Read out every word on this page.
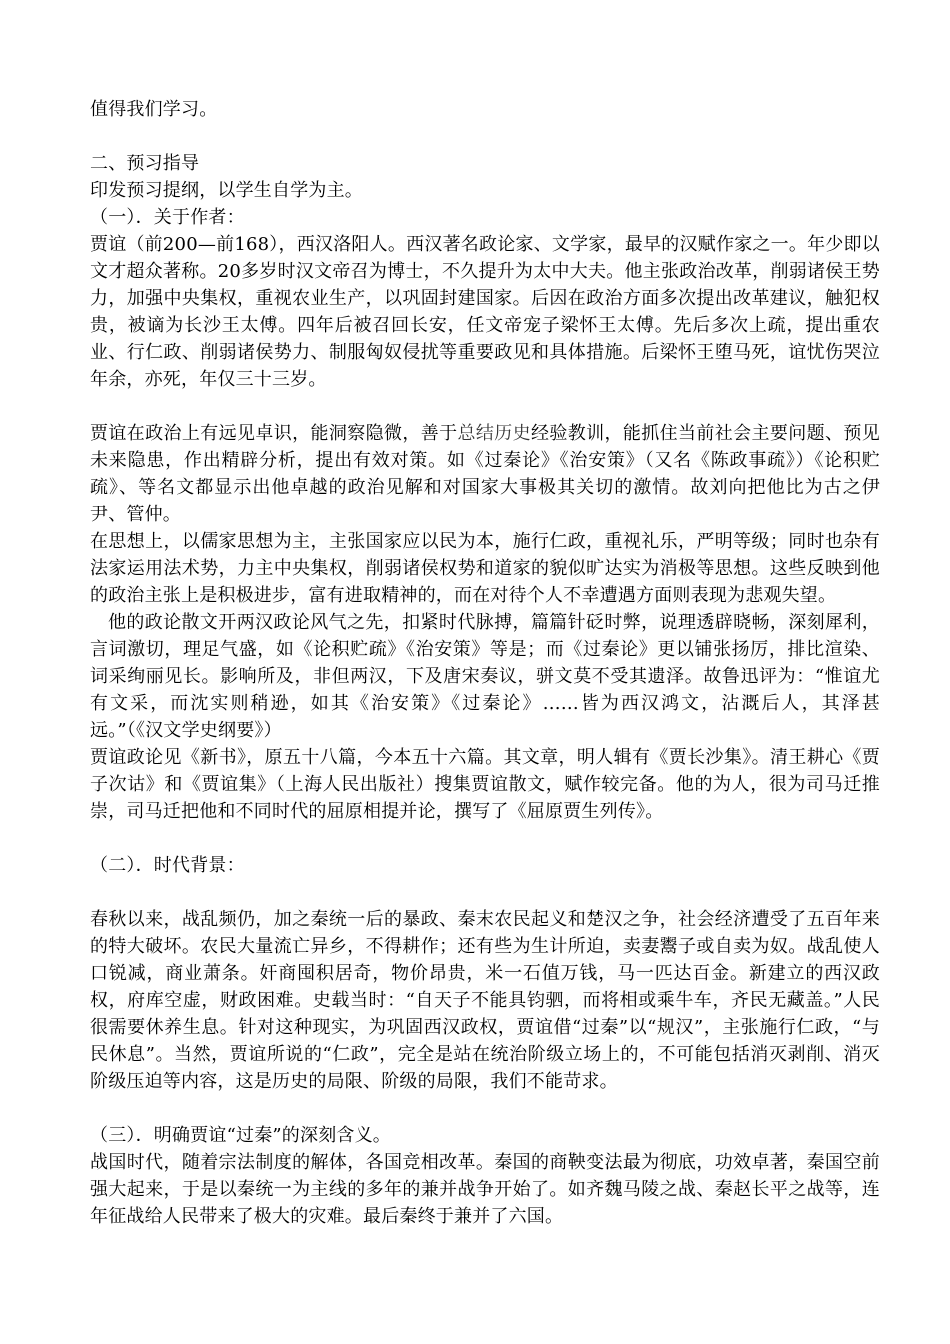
值得我们学习。

二、预习指导

印发预习提纲，以学生自学为主。

（一）．关于作者：

贾谊（前200—前168），西汉洛阳人。西汉著名政论家、文学家，最早的汉赋作家之一。年少即以文才超众著称。20多岁时汉文帝召为博士，不久提升为太中大夫。他主张政治改革，削弱诸侯王势力，加强中央集权，重视农业生产，以巩固封建国家。后因在政治方面多次提出改革建议，触犯权贵，被谪为长沙王太傅。四年后被召回长安，任文帝宠子梁怀王太傅。先后多次上疏，提出重农业、行仁政、削弱诸侯势力、制服匈奴侵扰等重要政见和具体措施。后梁怀王堕马死，谊忧伤哭泣年余，亦死，年仅三十三岁。

贾谊在政治上有远见卓识，能洞察隐微，善于总结历史经验教训，能抓住当前社会主要问题、预见未来隐患，作出精辟分析，提出有效对策。如《过秦论》《治安策》（又名《陈政事疏》）《论积贮疏》、等名文都显示出他卓越的政治见解和对国家大事极其关切的激情。故刘向把他比为古之伊尹、管仲。

在思想上，以儒家思想为主，主张国家应以民为本，施行仁政，重视礼乐，严明等级；同时也杂有法家运用法术势，力主中央集权，削弱诸侯权势和道家的貌似旷达实为消极等思想。这些反映到他的政治主张上是积极进步，富有进取精神的，而在对待个人不幸遭遇方面则表现为悲观失望。

他的政论散文开两汉政论风气之先，扣紧时代脉搏，篇篇针砭时弊，说理透辟晓畅，深刻犀利，言词激切，理足气盛，如《论积贮疏》《治安策》等是；而《过秦论》更以铺张扬厉，排比渲染、词采绚丽见长。影响所及，非但两汉，下及唐宋奏议，骈文莫不受其遗泽。故鲁迅评为：“惟谊尤有文采，而沈实则稍逊，如其《治安策》《过秦论》……皆为西汉鸿文，沾溉后人，其泽甚远。”（《汉文学史纲要》）

贾谊政论见《新书》，原五十八篇，今本五十六篇。其文章，明人辑有《贾长沙集》。清王耕心《贾子次诂》和《贾谊集》（上海人民出版社）搜集贾谊散文，赋作较完备。他的为人，很为司马迁推崇，司马迁把他和不同时代的屈原相提并论，撰写了《屈原贾生列传》。

（二）．时代背景：

春秋以来，战乱频仍，加之秦统一后的暴政、秦末农民起义和楚汉之争，社会经济遭受了五百年来的特大破坏。农民大量流亡异乡，不得耕作；还有些为生计所迫，卖妻鬻子或自卖为奴。战乱使人口锐减，商业萧条。奸商囤积居奇，物价昂贵，米一石值万钱，马一匹达百金。新建立的西汉政权，府库空虚，财政困难。史载当时：“自天子不能具钧驷，而将相或乘牛车，齐民无藏盖。”人民很需要休养生息。针对这种现实，为巩固西汉政权，贾谊借“过秦”以“规汉”，主张施行仁政，“与民休息”。当然，贾谊所说的“仁政”，完全是站在统治阶级立场上的，不可能包括消灭剥削、消灭阶级压迫等内容，这是历史的局限、阶级的局限，我们不能苛求。

（三）．明确贾谊“过秦”的深刻含义。

战国时代，随着宗法制度的解体，各国竞相改革。秦国的商鞅变法最为彻底，功效卓著，秦国空前强大起来，于是以秦统一为主线的多年的兼并战争开始了。如齐魏马陵之战、秦赵长平之战等，连年征战给人民带来了极大的灾难。最后秦终于兼并了六国。
